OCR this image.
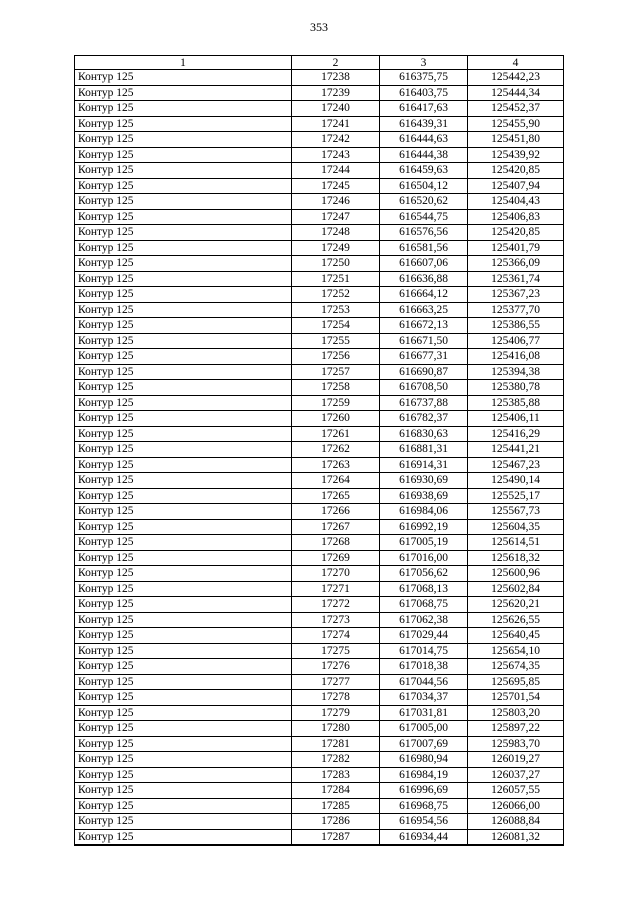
353
1	2	3	4
Контур 125	17238	616375,75	125442,23
Контур 125	17239	616403,75	125444,34
Контур 125	17240	616417,63	125452,37
Контур 125	17241	616439,31	125455,90
Контур 125	17242	616444,63	125451,80
Контур 125	17243	616444,38	125439,92
Контур 125	17244	616459,63	125420,85
Контур 125	17245	616504,12	125407,94
Контур 125	17246	616520,62	125404,43
Контур 125	17247	616544,75	125406,83
Контур 125	17248	616576,56	125420,85
Контур 125	17249	616581,56	125401,79
Контур 125	17250	616607,06	125366,09
Контур 125	17251	616636,88	125361,74
Контур 125	17252	616664,12	125367,23
Контур 125	17253	616663,25	125377,70
Контур 125	17254	616672,13	125386,55
Контур 125	17255	616671,50	125406,77
Контур 125	17256	616677,31	125416,08
Контур 125	17257	616690,87	125394,38
Контур 125	17258	616708,50	125380,78
Контур 125	17259	616737,88	125385,88
Контур 125	17260	616782,37	125406,11
Контур 125	17261	616830,63	125416,29
Контур 125	17262	616881,31	125441,21
Контур 125	17263	616914,31	125467,23
Контур 125	17264	616930,69	125490,14
Контур 125	17265	616938,69	125525,17
Контур 125	17266	616984,06	125567,73
Контур 125	17267	616992,19	125604,35
Контур 125	17268	617005,19	125614,51
Контур 125	17269	617016,00	125618,32
Контур 125	17270	617056,62	125600,96
Контур 125	17271	617068,13	125602,84
Контур 125	17272	617068,75	125620,21
Контур 125	17273	617062,38	125626,55
Контур 125	17274	617029,44	125640,45
Контур 125	17275	617014,75	125654,10
Контур 125	17276	617018,38	125674,35
Контур 125	17277	617044,56	125695,85
Контур 125	17278	617034,37	125701,54
Контур 125	17279	617031,81	125803,20
Контур 125	17280	617005,00	125897,22
Контур 125	17281	617007,69	125983,70
Контур 125	17282	616980,94	126019,27
Контур 125	17283	616984,19	126037,27
Контур 125	17284	616996,69	126057,55
Контур 125	17285	616968,75	126066,00
Контур 125	17286	616954,56	126088,84
Контур 125	17287	616934,44	126081,32
